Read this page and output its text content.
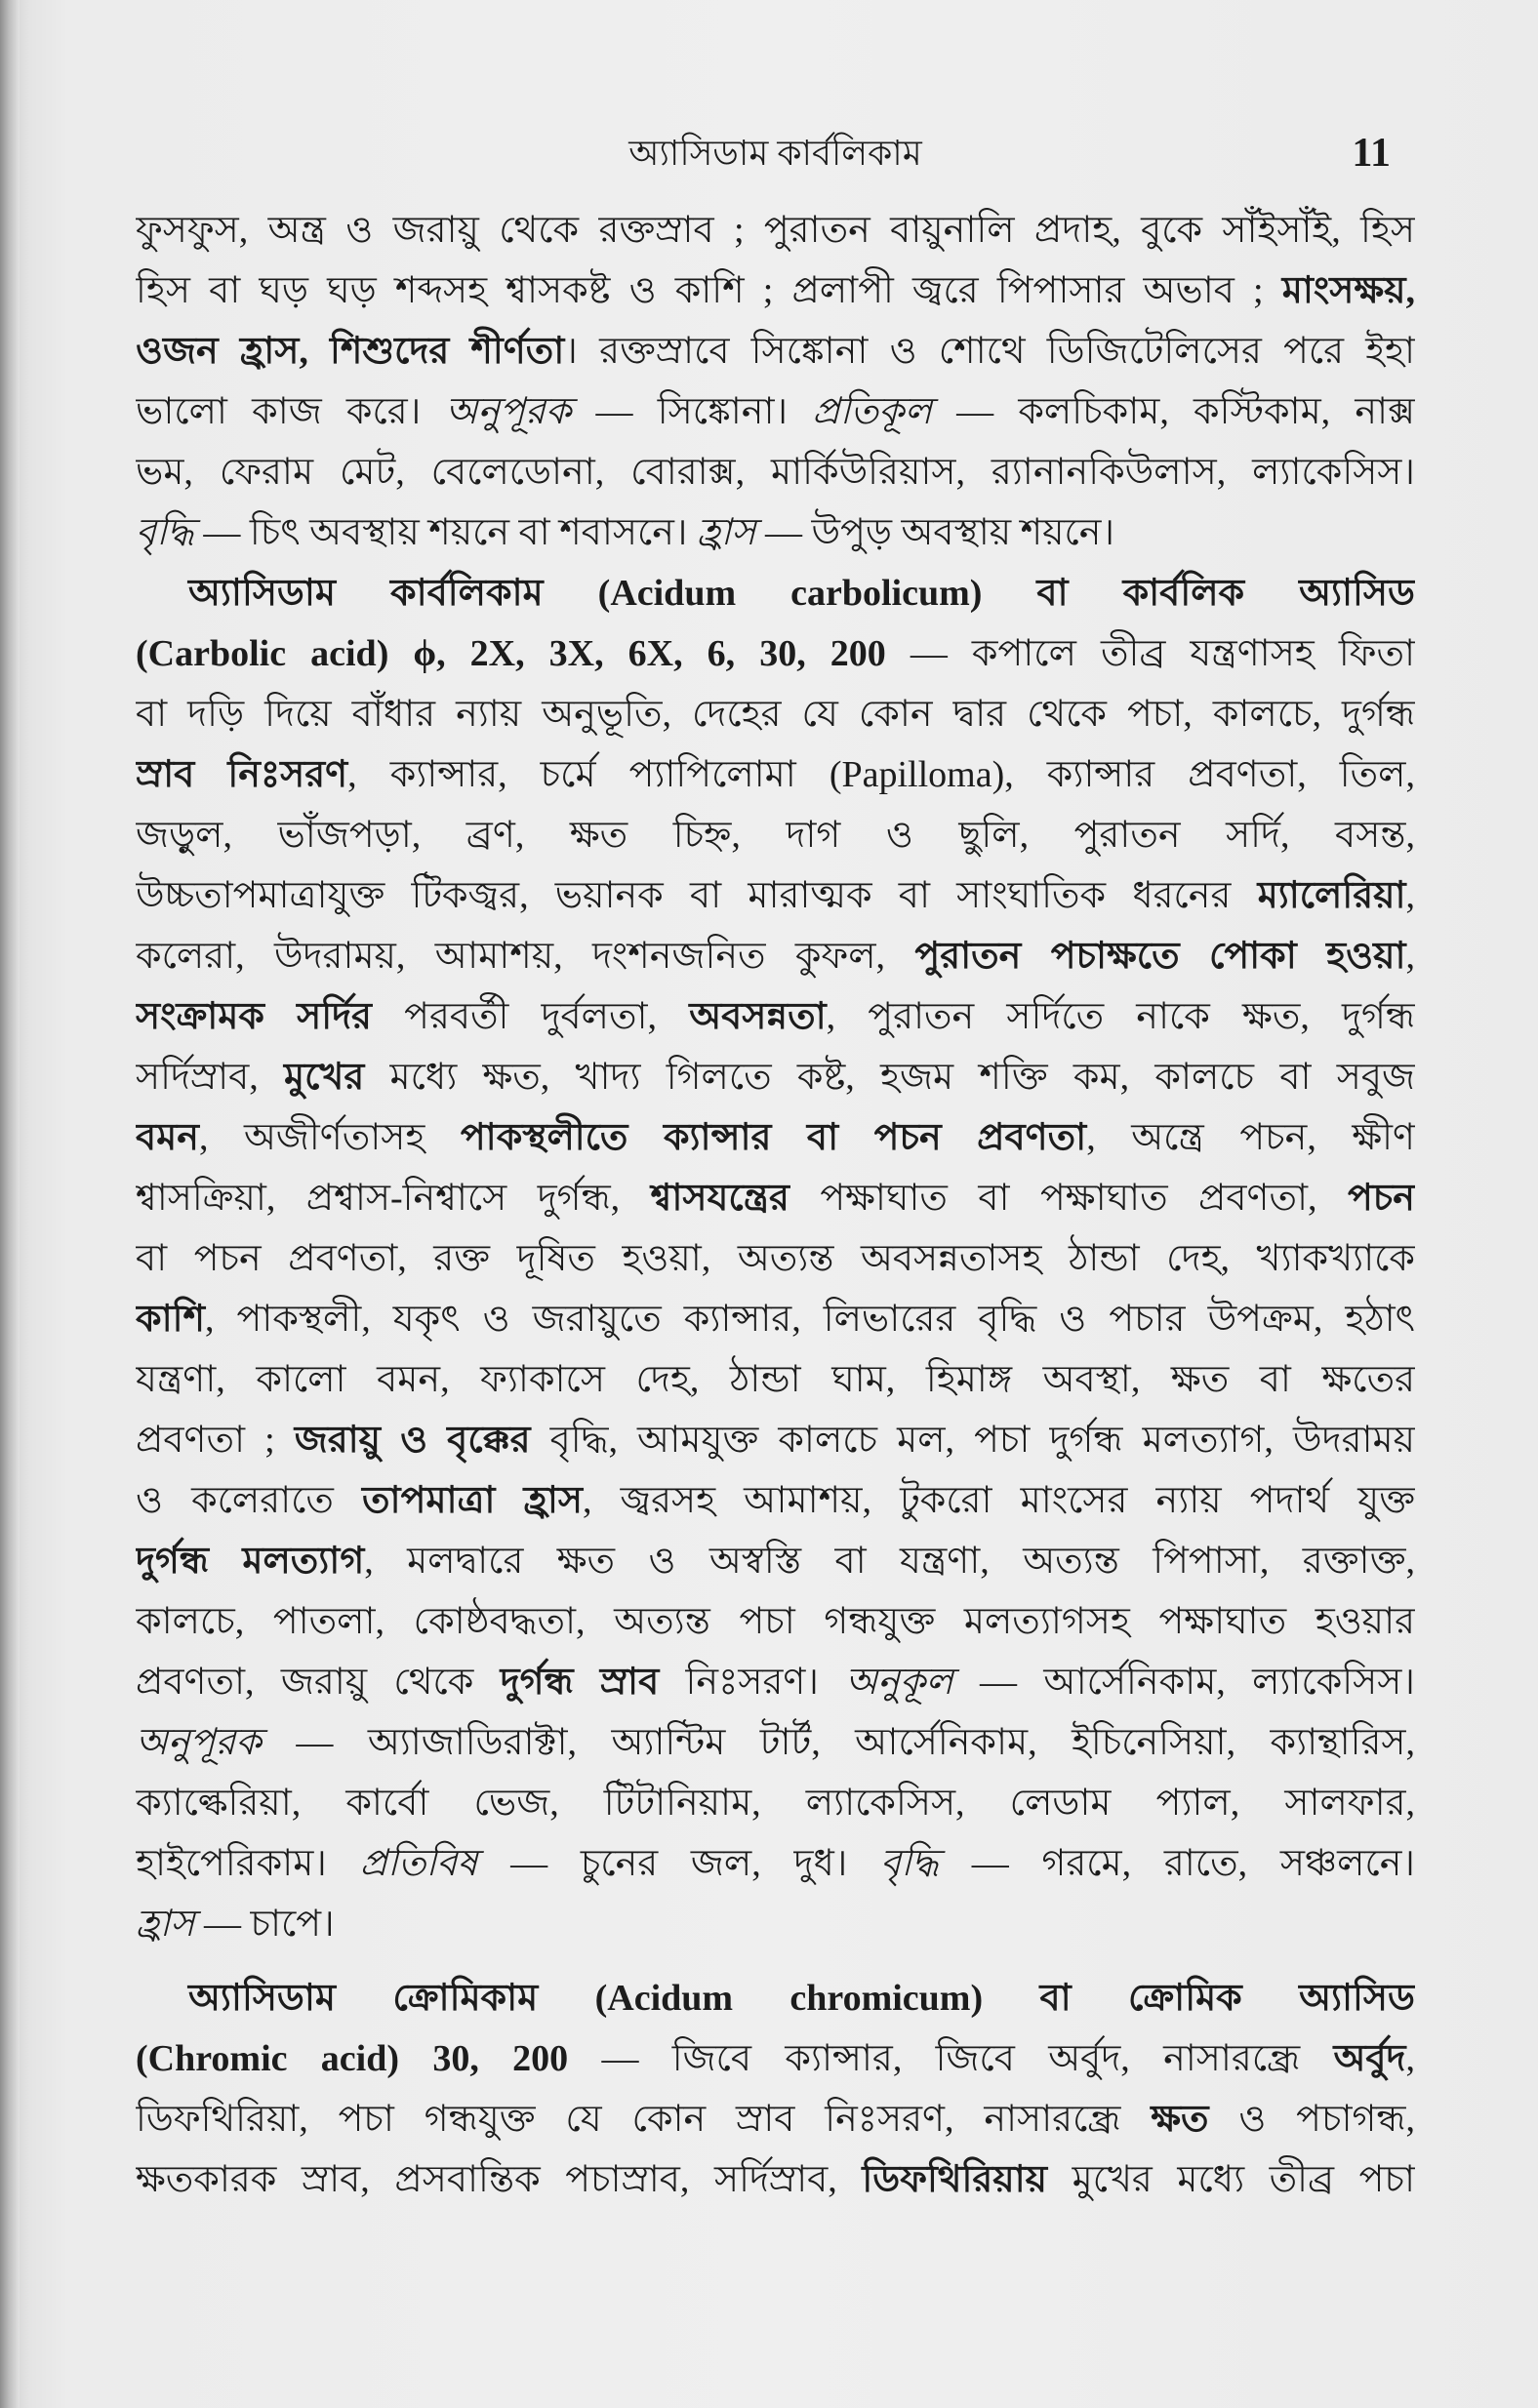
অ্যাসিডাম কার্বলিকাম	11
ফুসফুস, অন্ত্র ও জরায়ু থেকে রক্তস্রাব ; পুরাতন বায়ুনালি প্রদাহ, বুকে সাঁইসাঁই, হিস
হিস বা ঘড় ঘড় শব্দসহ শ্বাসকষ্ট ও কাশি ; প্রলাপী জ্বরে পিপাসার অভাব ; মাংসক্ষয়,
ওজন হ্রাস, শিশুদের শীর্ণতা। রক্তস্রাবে সিঙ্কোনা ও শোথে ডিজিটেলিসের পরে ইহা
ভালো কাজ করে। অনুপূরক — সিঙ্কোনা। প্রতিকূল — কলচিকাম, কস্টিকাম, নাক্স
ভম, ফেরাম মেট, বেলেডোনা, বোরাক্স, মার্কিউরিয়াস, র‍্যানানকিউলাস, ল্যাকেসিস।
বৃদ্ধি — চিৎ অবস্থায় শয়নে বা শবাসনে। হ্রাস — উপুড় অবস্থায় শয়নে।
অ্যাসিডাম কার্বলিকাম (Acidum carbolicum) বা কার্বলিক অ্যাসিড
(Carbolic acid) ϕ, 2X, 3X, 6X, 6, 30, 200 — কপালে তীব্র যন্ত্রণাসহ ফিতা
বা দড়ি দিয়ে বাঁধার ন্যায় অনুভূতি, দেহের যে কোন দ্বার থেকে পচা, কালচে, দুর্গন্ধ
স্রাব নিঃসরণ, ক্যান্সার, চর্মে প্যাপিলোমা (Papilloma), ক্যান্সার প্রবণতা, তিল,
জড়ুল, ভাঁজপড়া, ব্রণ, ক্ষত চিহ্ন, দাগ ও ছুলি, পুরাতন সর্দি, বসন্ত,
উচ্চতাপমাত্রাযুক্ত টিকজ্বর, ভয়ানক বা মারাত্মক বা সাংঘাতিক ধরনের ম্যালেরিয়া,
কলেরা, উদরাময়, আমাশয়, দংশনজনিত কুফল, পুরাতন পচাক্ষতে পোকা হওয়া,
সংক্রামক সর্দির পরবর্তী দুর্বলতা, অবসন্নতা, পুরাতন সর্দিতে নাকে ক্ষত, দুর্গন্ধ
সর্দিস্রাব, মুখের মধ্যে ক্ষত, খাদ্য গিলতে কষ্ট, হজম শক্তি কম, কালচে বা সবুজ
বমন, অজীর্ণতাসহ পাকস্থলীতে ক্যান্সার বা পচন প্রবণতা, অন্ত্রে পচন, ক্ষীণ
শ্বাসক্রিয়া, প্রশ্বাস-নিশ্বাসে দুর্গন্ধ, শ্বাসযন্ত্রের পক্ষাঘাত বা পক্ষাঘাত প্রবণতা, পচন
বা পচন প্রবণতা, রক্ত দূষিত হওয়া, অত্যন্ত অবসন্নতাসহ ঠান্ডা দেহ, খ্যাকখ্যাকে
কাশি, পাকস্থলী, যকৃৎ ও জরায়ুতে ক্যান্সার, লিভারের বৃদ্ধি ও পচার উপক্রম, হঠাৎ
যন্ত্রণা, কালো বমন, ফ্যাকাসে দেহ, ঠান্ডা ঘাম, হিমাঙ্গ অবস্থা, ক্ষত বা ক্ষতের
প্রবণতা ; জরায়ু ও বৃক্কের বৃদ্ধি, আমযুক্ত কালচে মল, পচা দুর্গন্ধ মলত্যাগ, উদরাময়
ও কলেরাতে তাপমাত্রা হ্রাস, জ্বরসহ আমাশয়, টুকরো মাংসের ন্যায় পদার্থ যুক্ত
দুর্গন্ধ মলত্যাগ, মলদ্বারে ক্ষত ও অস্বস্তি বা যন্ত্রণা, অত্যন্ত পিপাসা, রক্তাক্ত,
কালচে, পাতলা, কোষ্ঠবদ্ধতা, অত্যন্ত পচা গন্ধযুক্ত মলত্যাগসহ পক্ষাঘাত হওয়ার
প্রবণতা, জরায়ু থেকে দুর্গন্ধ স্রাব নিঃসরণ। অনুকূল — আর্সেনিকাম, ল্যাকেসিস।
অনুপূরক — অ্যাজাডিরাক্টা, অ্যান্টিম টার্ট, আর্সেনিকাম, ইচিনেসিয়া, ক্যান্থারিস,
ক্যাল্কেরিয়া, কার্বো ভেজ, টিটানিয়াম, ল্যাকেসিস, লেডাম প্যাল, সালফার,
হাইপেরিকাম। প্রতিবিষ — চুনের জল, দুধ। বৃদ্ধি — গরমে, রাতে, সঞ্চলনে।
হ্রাস — চাপে।
অ্যাসিডাম ক্রোমিকাম (Acidum chromicum) বা ক্রোমিক অ্যাসিড
(Chromic acid) 30, 200 — জিবে ক্যান্সার, জিবে অর্বুদ, নাসারন্ধ্রে অর্বুদ,
ডিফথিরিয়া, পচা গন্ধযুক্ত যে কোন স্রাব নিঃসরণ, নাসারন্ধ্রে ক্ষত ও পচাগন্ধ,
ক্ষতকারক স্রাব, প্রসবান্তিক পচাস্রাব, সর্দিস্রাব, ডিফথিরিয়ায় মুখের মধ্যে তীব্র পচা
